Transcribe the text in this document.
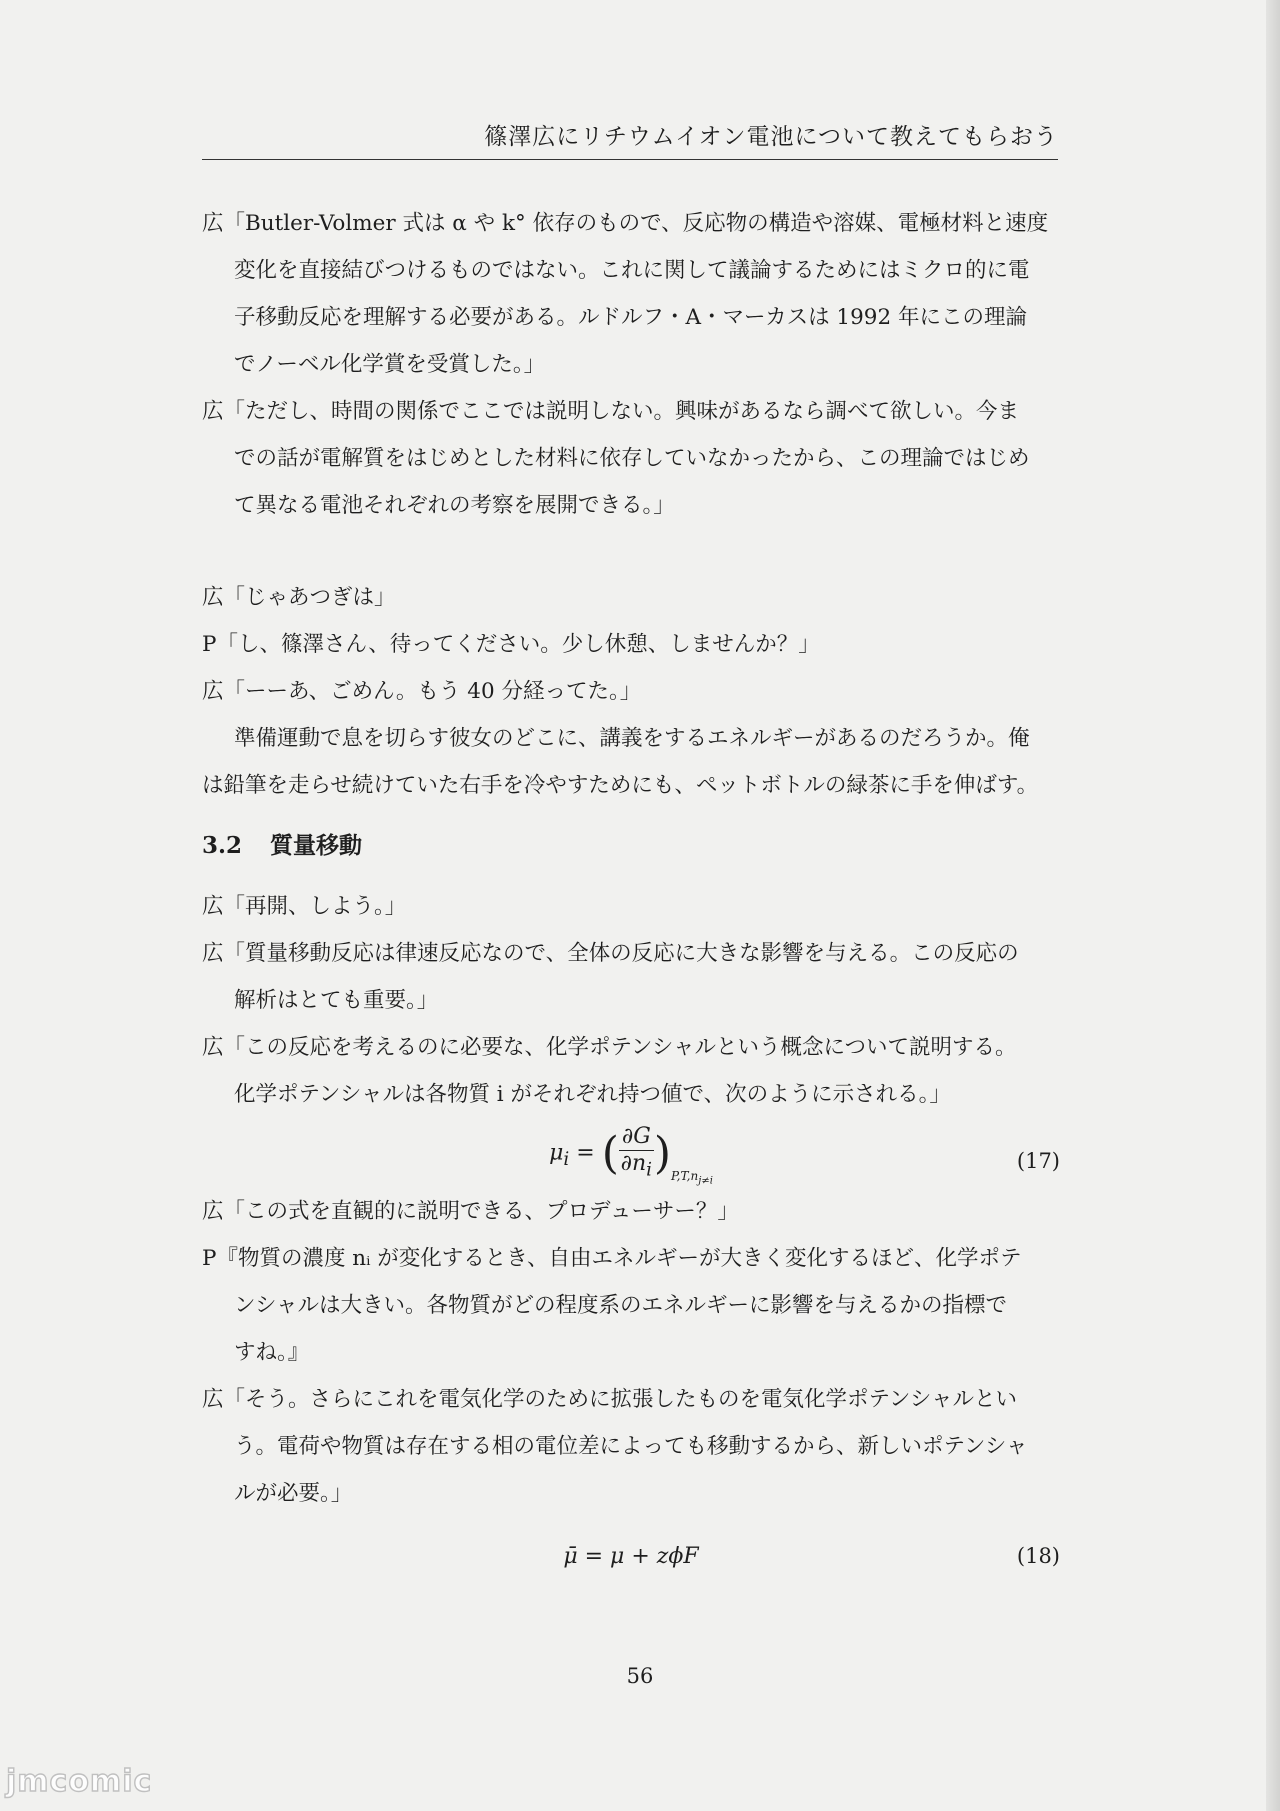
篠澤広にリチウムイオン電池について教えてもらおう
広「Butler-Volmer 式は α や k° 依存のもので、反応物の構造や溶媒、電極材料と速度
変化を直接結びつけるものではない。これに関して議論するためにはミクロ的に電
子移動反応を理解する必要がある。ルドルフ・A・マーカスは 1992 年にこの理論
でノーベル化学賞を受賞した。」
広「ただし、時間の関係でここでは説明しない。興味があるなら調べて欲しい。今ま
での話が電解質をはじめとした材料に依存していなかったから、この理論ではじめ
て異なる電池それぞれの考察を展開できる。」
広「じゃあつぎは」
P「し、篠澤さん、待ってください。少し休憩、しませんか？」
広「ーーあ、ごめん。もう 40 分経ってた。」
準備運動で息を切らす彼女のどこに、講義をするエネルギーがあるのだろうか。俺
は鉛筆を走らせ続けていた右手を冷やすためにも、ペットボトルの緑茶に手を伸ばす。
3.2 質量移動
広「再開、しよう。」
広「質量移動反応は律速反応なので、全体の反応に大きな影響を与える。この反応の
解析はとても重要。」
広「この反応を考えるのに必要な、化学ポテンシャルという概念について説明する。
化学ポテンシャルは各物質 i がそれぞれ持つ値で、次のように示される。」
$\mu_i$ = ( $\frac{\partial G}{\partial n_i} )_{P,T,n_{j\ne i}}$
(17)
広「この式を直観的に説明できる、プロデューサー？」
P『物質の濃度 nᵢ が変化するとき、自由エネルギーが大きく変化するほど、化学ポテ
ンシャルは大きい。各物質がどの程度系のエネルギーに影響を与えるかの指標で
すね。』
広「そう。さらにこれを電気化学のために拡張したものを電気化学ポテンシャルとい
う。電荷や物質は存在する相の電位差によっても移動するから、新しいポテンシャ
ルが必要。」
μ̄ = μ + zϕF	(18)
56
jmcomic
